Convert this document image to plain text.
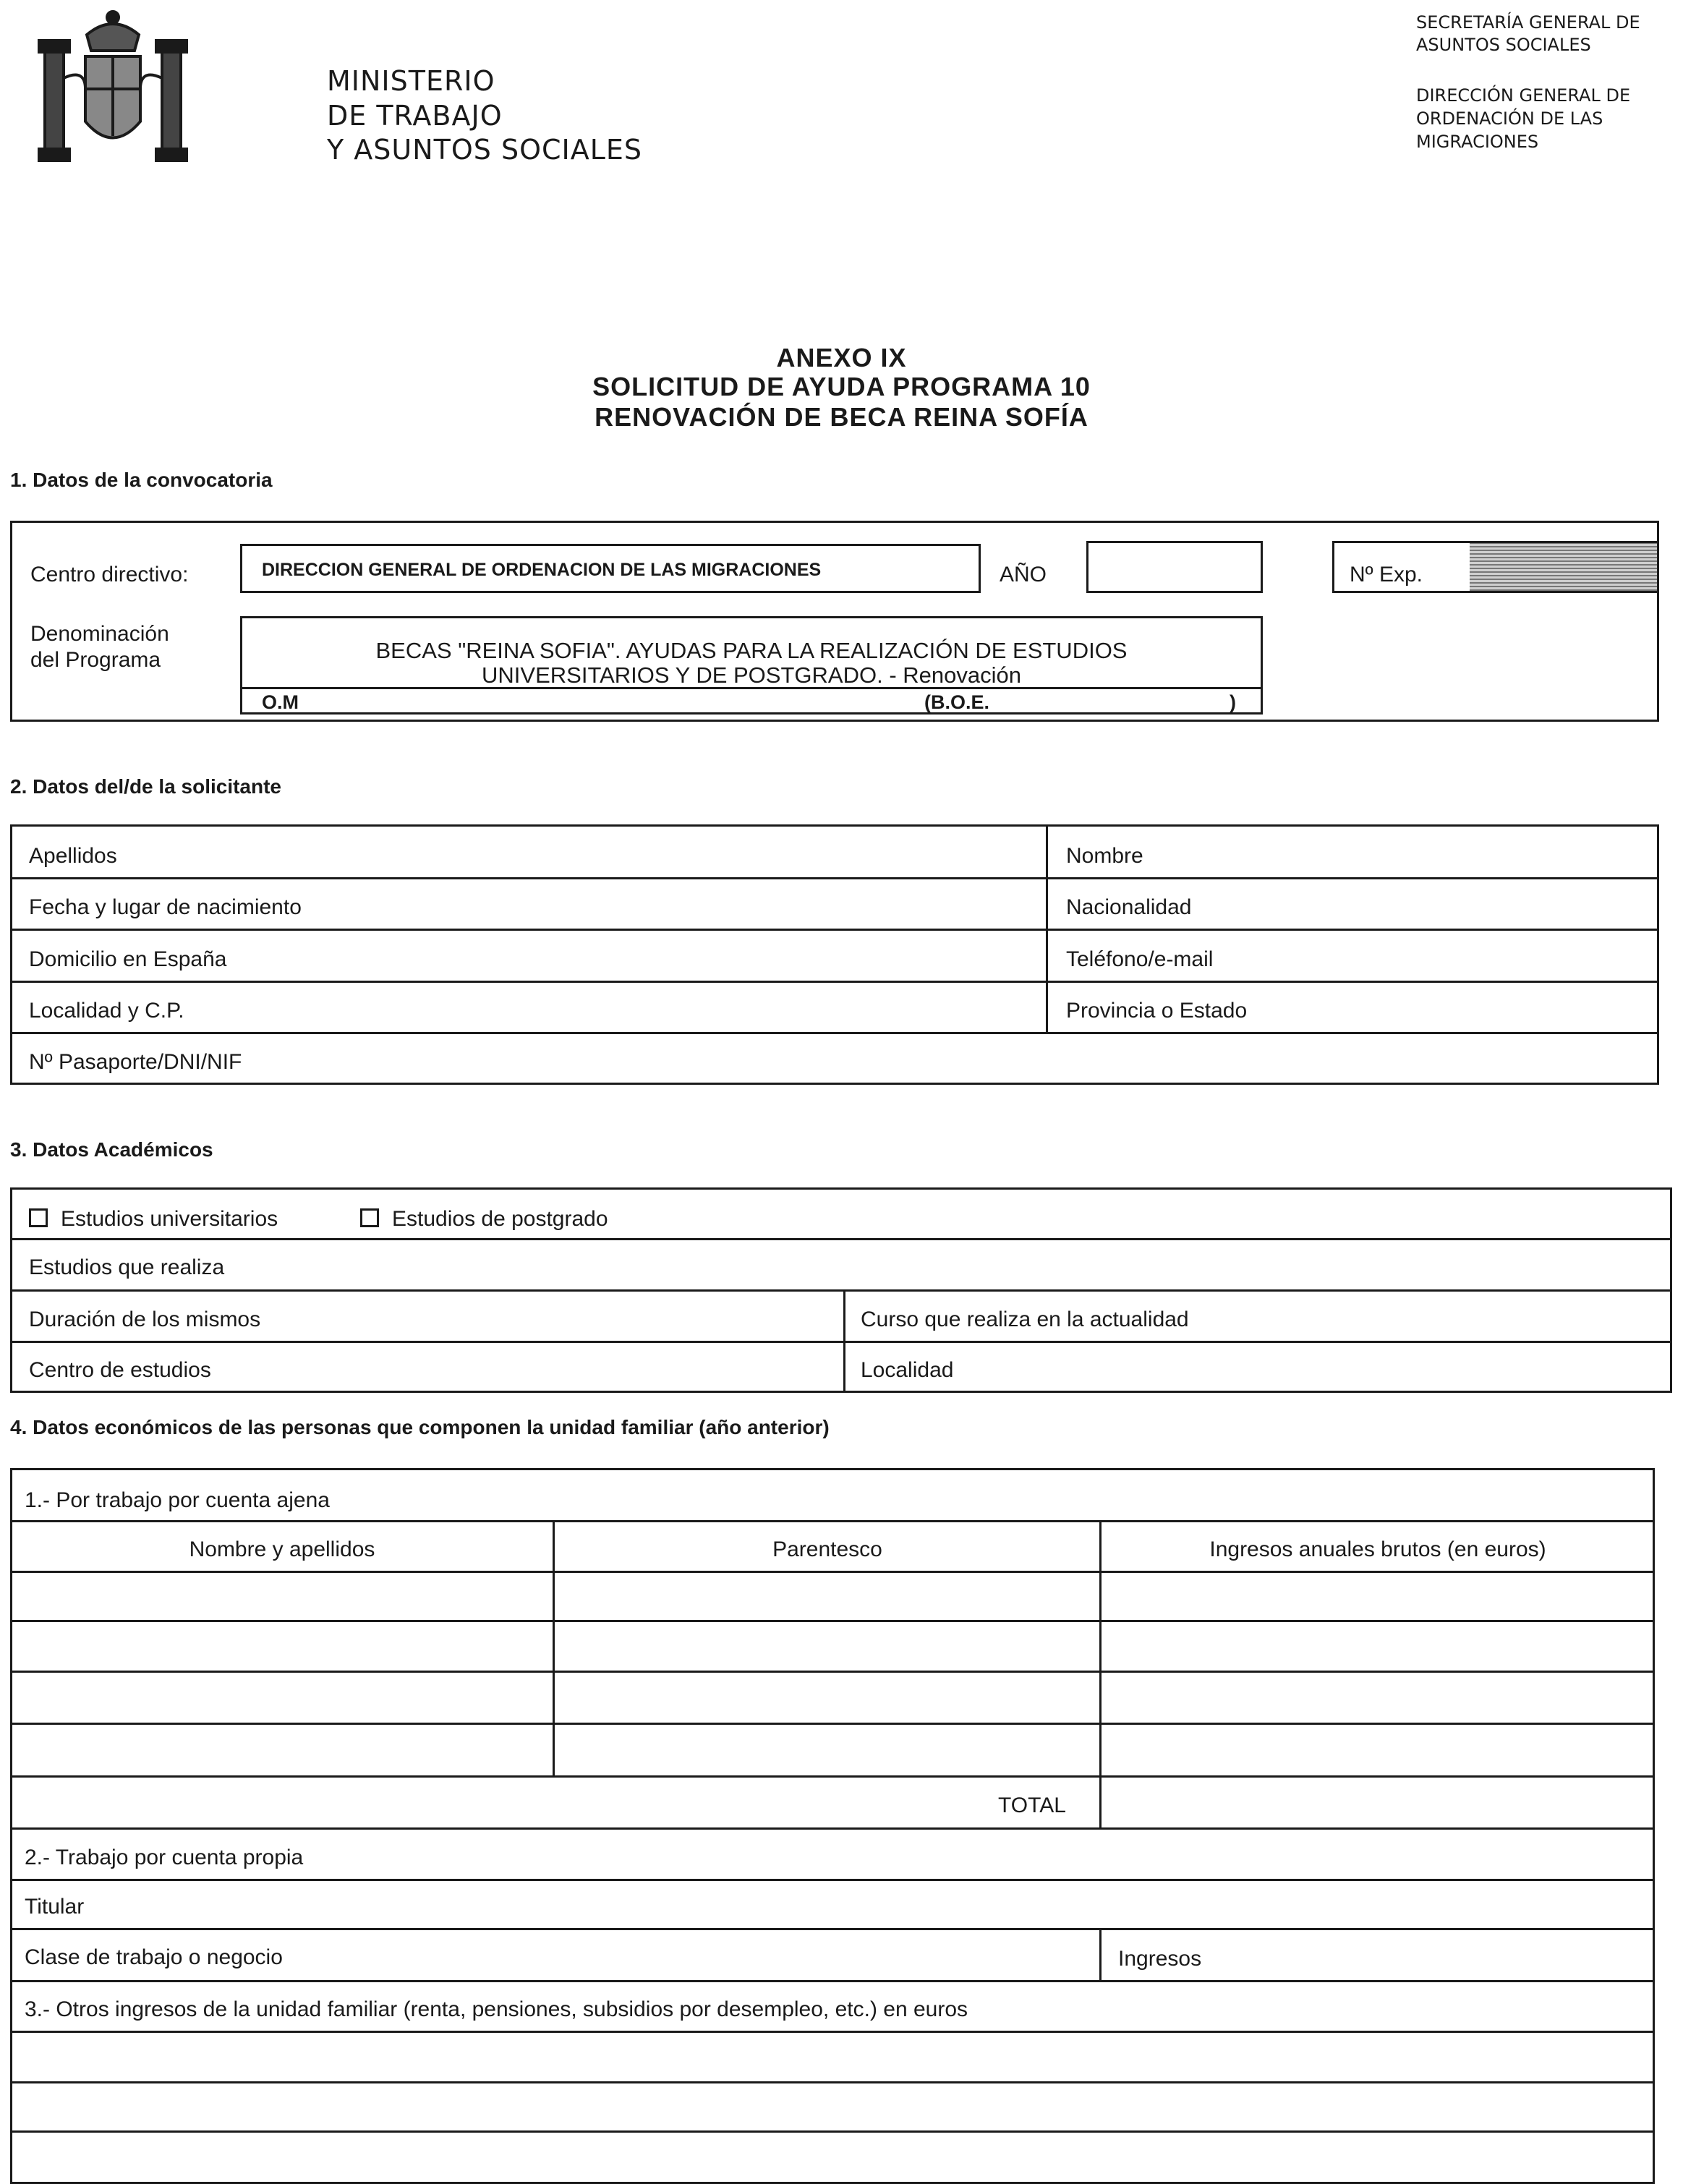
MINISTERIO
DE TRABAJO
Y ASUNTOS SOCIALES
SECRETARÍA GENERAL DE
ASUNTOS SOCIALES
DIRECCIÓN GENERAL DE
ORDENACIÓN DE LAS
MIGRACIONES
ANEXO IX
SOLICITUD DE AYUDA PROGRAMA 10
RENOVACIÓN DE BECA REINA SOFÍA
1. Datos de la convocatoria
Centro directivo:	DIRECCION GENERAL DE ORDENACION DE LAS MIGRACIONES	AÑO	Nº Exp.
Denominación
del Programa	BECAS "REINA SOFIA". AYUDAS PARA LA REALIZACIÓN DE ESTUDIOS
UNIVERSITARIOS Y DE POSTGRADO. - Renovación
O.M	(B.O.E.	)
2. Datos del/de la solicitante
Apellidos	Nombre
Fecha y lugar de nacimiento	Nacionalidad
Domicilio en España	Teléfono/e-mail
Localidad y C.P.	Provincia o Estado
Nº Pasaporte/DNI/NIF
3. Datos Académicos
Estudios universitarios	Estudios de postgrado
Estudios que realiza
Duración de los mismos	Curso que realiza en la actualidad
Centro de estudios	Localidad
4. Datos económicos de las personas que componen la unidad familiar (año anterior)
1.- Por trabajo por cuenta ajena
Nombre y apellidos	Parentesco	Ingresos anuales brutos (en euros)
TOTAL
2.- Trabajo por cuenta propia
Titular
Clase de trabajo o negocio	Ingresos
3.- Otros ingresos de la unidad familiar (renta, pensiones, subsidios por desempleo, etc.) en euros
